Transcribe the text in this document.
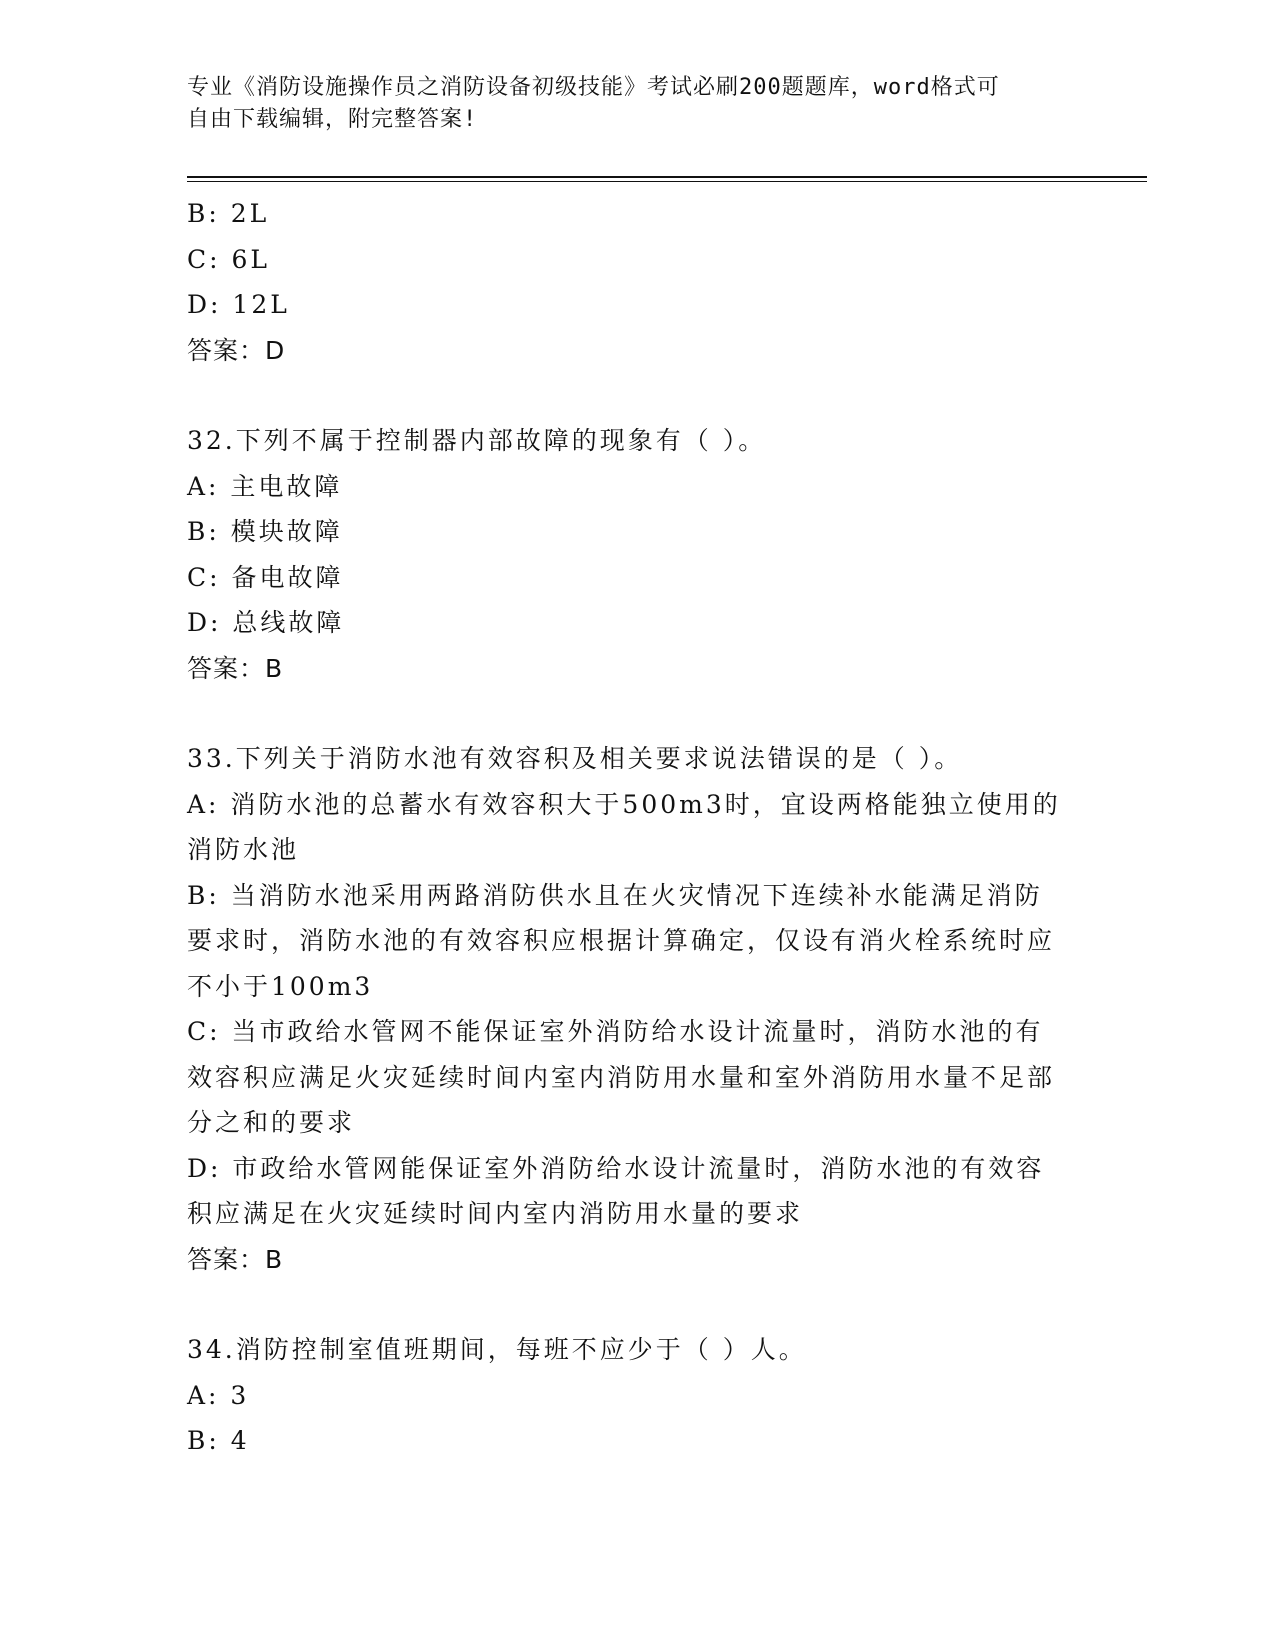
专业《消防设施操作员之消防设备初级技能》考试必刷200题题库，word格式可
自由下载编辑，附完整答案!
B: 2L
C: 6L
D: 12L
答案：D
32.下列不属于控制器内部故障的现象有（ ）。
A: 主电故障
B: 模块故障
C: 备电故障
D: 总线故障
答案：B
33.下列关于消防水池有效容积及相关要求说法错误的是（ ）。
A: 消防水池的总蓄水有效容积大于500m3时，宜设两格能独立使用的消防水池
B: 当消防水池采用两路消防供水且在火灾情况下连续补水能满足消防要求时，消防水池的有效容积应根据计算确定，仅设有消火栓系统时应不小于100m3
C: 当市政给水管网不能保证室外消防给水设计流量时，消防水池的有效容积应满足火灾延续时间内室内消防用水量和室外消防用水量不足部分之和的要求
D: 市政给水管网能保证室外消防给水设计流量时，消防水池的有效容积应满足在火灾延续时间内室内消防用水量的要求
答案：B
34.消防控制室值班期间，每班不应少于（ ）人。
A: 3
B: 4
